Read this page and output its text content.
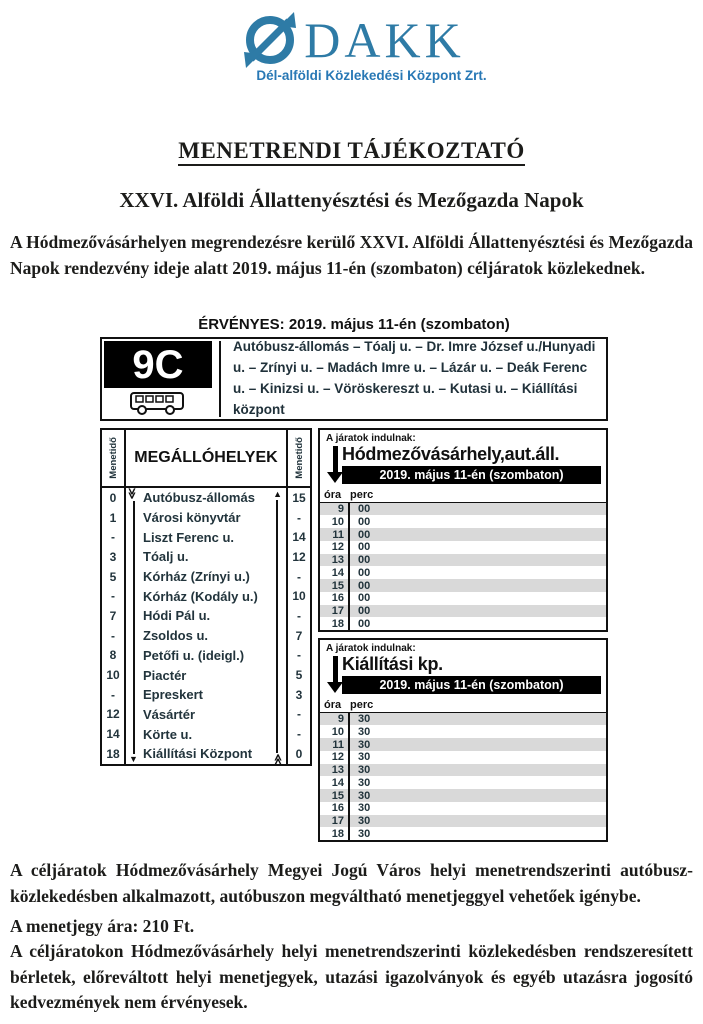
DAKK
Dél-alföldi Közlekedési Központ Zrt.
MENETRENDI TÁJÉKOZTATÓ
XXVI. Alföldi Állattenyésztési és Mezőgazda Napok
A Hódmezővásárhelyen megrendezésre kerülő XXVI. Alföldi Állattenyésztési és Mezőgazda Napok rendezvény ideje alatt 2019. május 11-én (szombaton) céljáratok közlekednek.
ÉRVÉNYES: 2019. május 11-én (szombaton)
9C	Autóbusz-állomás – Tóalj u. – Dr. Imre József u./Hunyadi u. – Zrínyi u. – Madách Imre u. – Lázár u. – Deák Ferenc u. – Kinizsi u. – Vöröskereszt u. – Kutasi u. – Kiállítási központ
Menetidő MEGÁLLÓHELYEK	Menetidő
0	Autóbusz-állomás	15
1	Városi könyvtár	-
-	Liszt Ferenc u.	14
3	Tóalj u.	12
5	Kórház (Zrínyi u.)	-
-	Kórház (Kodály u.)	10
7	Hódi Pál u.	-
-	Zsoldos u.	7
8	Petőfi u. (ideigl.)	-
10	Piactér	5
-	Epreskert	3
12	Vásártér	-
14	Körte u.	-
18	Kiállítási Központ	0
≫
▼
▲
≫
A járatok indulnak:
Hódmezővásárhely,aut.áll.
2019. május 11-én (szombaton)
óra perc
9	00
10	00
11	00
12	00
13	00
14	00
15	00
16	00
17	00
18	00
A járatok indulnak:
Kiállítási kp.
2019. május 11-én (szombaton)
óra perc
9	30
10	30
11	30
12	30
13	30
14	30
15	30
16	30
17	30
18	30
A céljáratok Hódmezővásárhely Megyei Jogú Város helyi menetrendszerinti autóbusz-közlekedésben alkalmazott, autóbuszon megváltható menetjeggyel vehetőek igénybe.
A menetjegy ára: 210 Ft.
A céljáratokon Hódmezővásárhely helyi menetrendszerinti közlekedésben rendszeresített bérletek, előreváltott helyi menetjegyek, utazási igazolványok és egyéb utazásra jogosító kedvezmények nem érvényesek.
